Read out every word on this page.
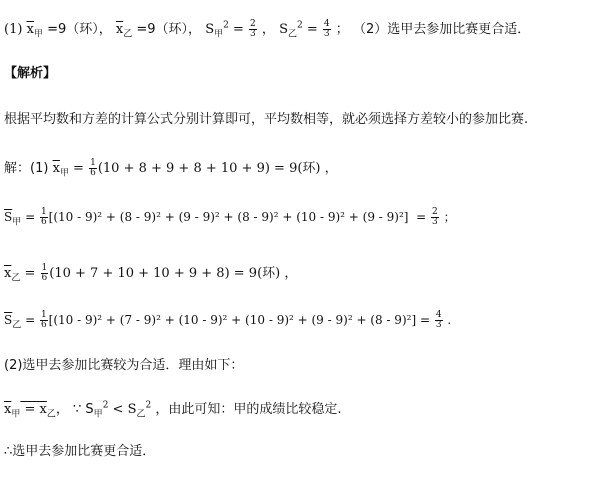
(1) $\overline{x}_甲 =9$（环）， $\overline{x}_乙 =9$（环）， $S_甲^2 = \frac{2}{3}$ ， $S_乙^2 = \frac{4}{3}$ ； （2）选甲去参加比赛更合适．
【解析】
根据平均数和方差的计算公式分别计算即可，平均数相等，就必须选择方差较小的参加比赛.
解：(1) $\overline{x}_甲 = \frac{1}{6} (10 + 8 + 9 + 8 + 10 + 9) = 9$(环) ，
$\overline{S}_甲 = \frac{1}{6} [(10 - 9)^2 + (8 - 9)^2 + (9 - 9)^2 + (8 - 9)^2 + (10 - 9)^2 + (9 - 9)^2] = \frac{2}{3}$ ；
$\overline{x}_乙 = \frac{1}{6} (10 + 7 + 10 + 10 + 9 + 8) = 9$(环) ，
$\overline{S}_乙 = \frac{1}{6} [(10 - 9)^2 + (7 - 9)^2 + (10 - 9)^2 + (10 - 9)^2 + (9 - 9)^2 + (8 - 9)^2] = \frac{4}{3}$ .
(2)选甲去参加比赛较为合适．理由如下：
$\overline{x}_甲 = x_乙$， ∵ $S_甲^2 < S_乙^2$ ，由此可知：甲的成绩比较稳定.
∴选甲去参加比赛更合适．
